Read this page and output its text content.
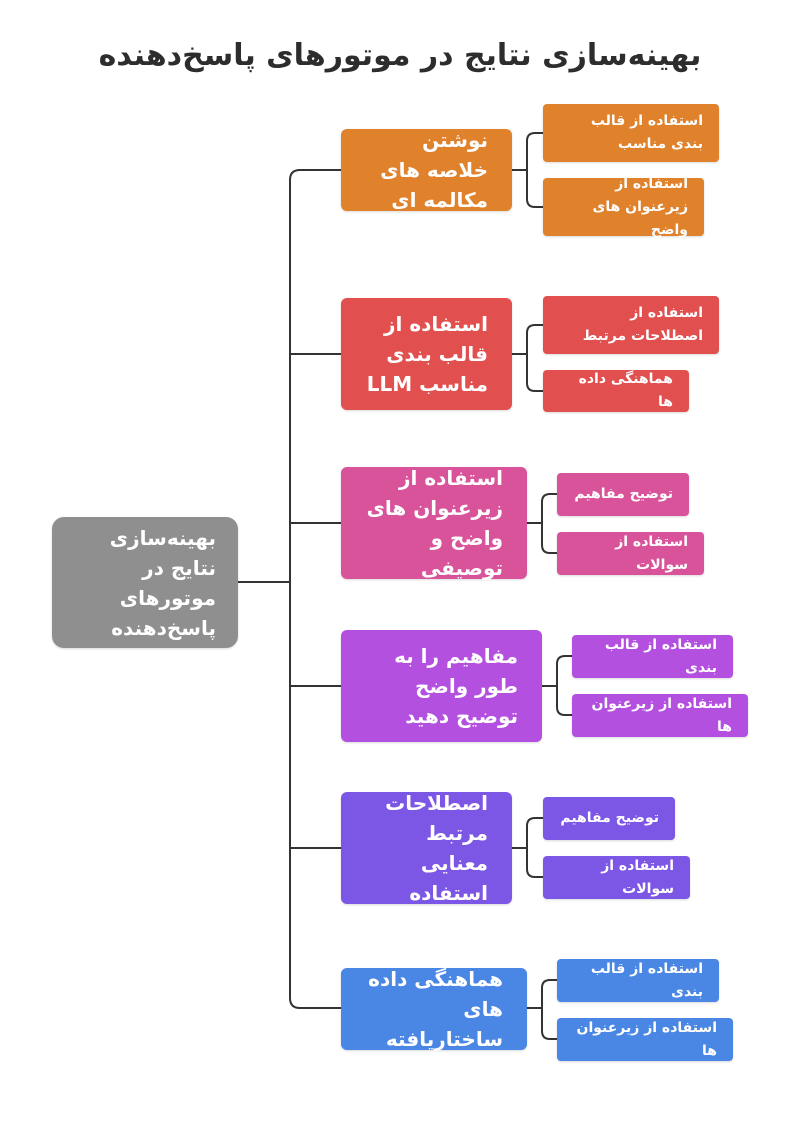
بهینه‌سازی نتایج در موتورهای پاسخ‌دهنده
بهینه‌سازی نتایج در موتورهای پاسخ‌دهنده
نوشتن خلاصه های مکالمه ای
استفاده از قالب بندی مناسب
استفاده از زیرعنوان های واضح
استفاده از قالب بندی مناسب LLM
استفاده از اصطلاحات مرتبط
هماهنگی داده ها
استفاده از زیرعنوان های واضح و توصیفی
توضیح مفاهیم
استفاده از سوالات
مفاهیم را به طور واضح توضیح دهید
استفاده از قالب بندی
استفاده از زیرعنوان ها
از اصطلاحات مرتبط معنایی استفاده کنید
توضیح مفاهیم
استفاده از سوالات
هماهنگی داده های ساختاریافته
استفاده از قالب بندی
استفاده از زیرعنوان ها
